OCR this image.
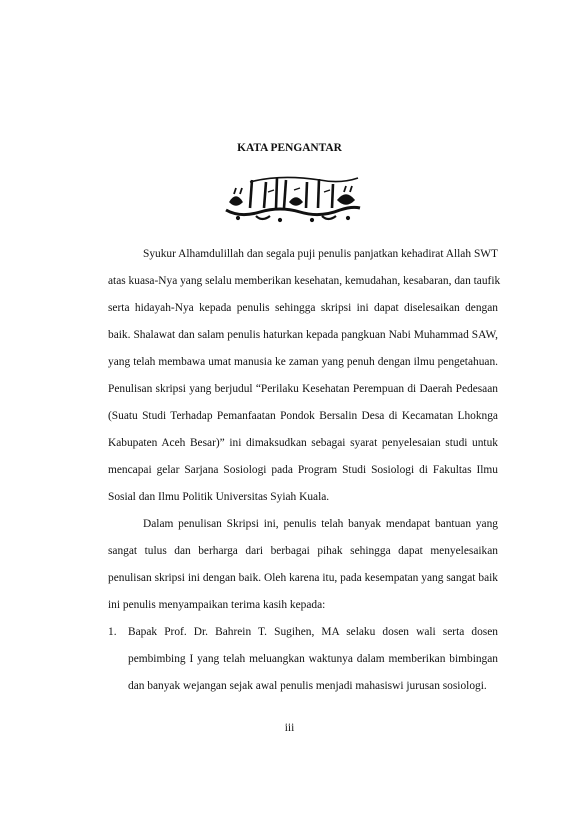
KATA PENGANTAR
Syukur Alhamdulillah dan segala puji penulis panjatkan kehadirat Allah SWT
atas kuasa-Nya yang selalu memberikan kesehatan, kemudahan, kesabaran, dan taufik
serta hidayah-Nya kepada penulis sehingga skripsi ini dapat diselesaikan dengan
baik. Shalawat dan salam penulis haturkan kepada pangkuan Nabi Muhammad SAW,
yang telah membawa umat manusia ke zaman yang penuh dengan ilmu pengetahuan.
Penulisan skripsi yang berjudul “Perilaku Kesehatan Perempuan di Daerah Pedesaan
(Suatu Studi Terhadap Pemanfaatan Pondok Bersalin Desa di Kecamatan Lhoknga
Kabupaten Aceh Besar)” ini dimaksudkan sebagai syarat penyelesaian studi untuk
mencapai gelar Sarjana Sosiologi pada Program Studi Sosiologi di Fakultas Ilmu
Sosial dan Ilmu Politik Universitas Syiah Kuala.
Dalam penulisan Skripsi ini, penulis telah banyak mendapat bantuan yang
sangat tulus dan berharga dari berbagai pihak sehingga dapat menyelesaikan
penulisan skripsi ini dengan baik. Oleh karena itu, pada kesempatan yang sangat baik
ini penulis menyampaikan terima kasih kepada:
1.	Bapak Prof. Dr. Bahrein T. Sugihen, MA selaku dosen wali serta dosen
pembimbing I yang telah meluangkan waktunya dalam memberikan bimbingan
dan banyak wejangan sejak awal penulis menjadi mahasiswi jurusan sosiologi.
iii
